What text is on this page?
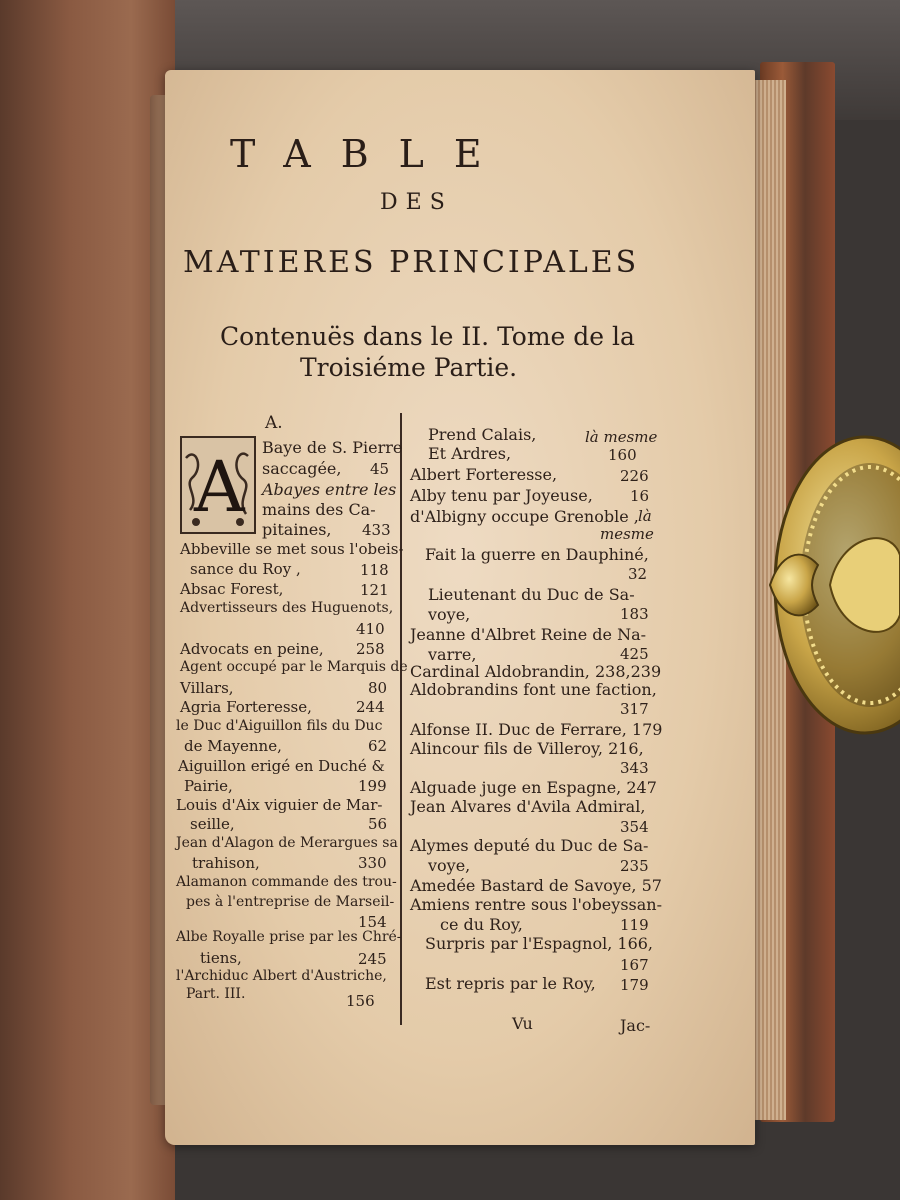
TABLE
DES
MATIERES PRINCIPALES
Contenuës dans le II. Tome de la
Troisiéme Partie.
A.
A Baye de S. Pierre
saccagée,
Abayes entre les
mains des Ca-
pitaines,
Abbeville se met sous l'obeis-
sance du Roy ,
Absac Forest,
Advertisseurs des Huguenots,
Advocats en peine,
Agent occupé par le Marquis de
Villars,
Agria Forteresse,
le Duc d'Aiguillon fils du Duc
de Mayenne,
Aiguillon erigé en Duché &
Pairie,
Louis d'Aix viguier de Mar-
seille,
Jean d'Alagon de Merargues sa
trahison,
Alamanon commande des trou-
pes à l'entreprise de Marseil-
Albe Royalle prise par les Chré-
tiens,
l'Archiduc Albert d'Austriche,
45
433
118
121
410
258
80
244
62
199
56
330
154
245
156
Part. III.
Prend Calais,
Et Ardres,
Albert Forteresse,
Alby tenu par Joyeuse,
d'Albigny occupe Grenoble ,
Fait la guerre en Dauphiné,
Lieutenant du Duc de Sa-
voye,
Jeanne d'Albret Reine de Na-
varre,
Cardinal Aldobrandin, 238,239
Aldobrandins font une faction,
Alfonse II. Duc de Ferrare, 179
Alincour fils de Villeroy, 216,
Alguade juge en Espagne, 247
Jean Alvares d'Avila Admiral,
Alymes deputé du Duc de Sa-
voye,
Amedée Bastard de Savoye, 57
Amiens rentre sous l'obeyssan-
ce du Roy,
Surpris par l'Espagnol, 166,
Est repris par le Roy,
là mesme
là
mesme
160
226
16
32
183
425
317
343
354
235
119
167
179
Vu	Jac-
